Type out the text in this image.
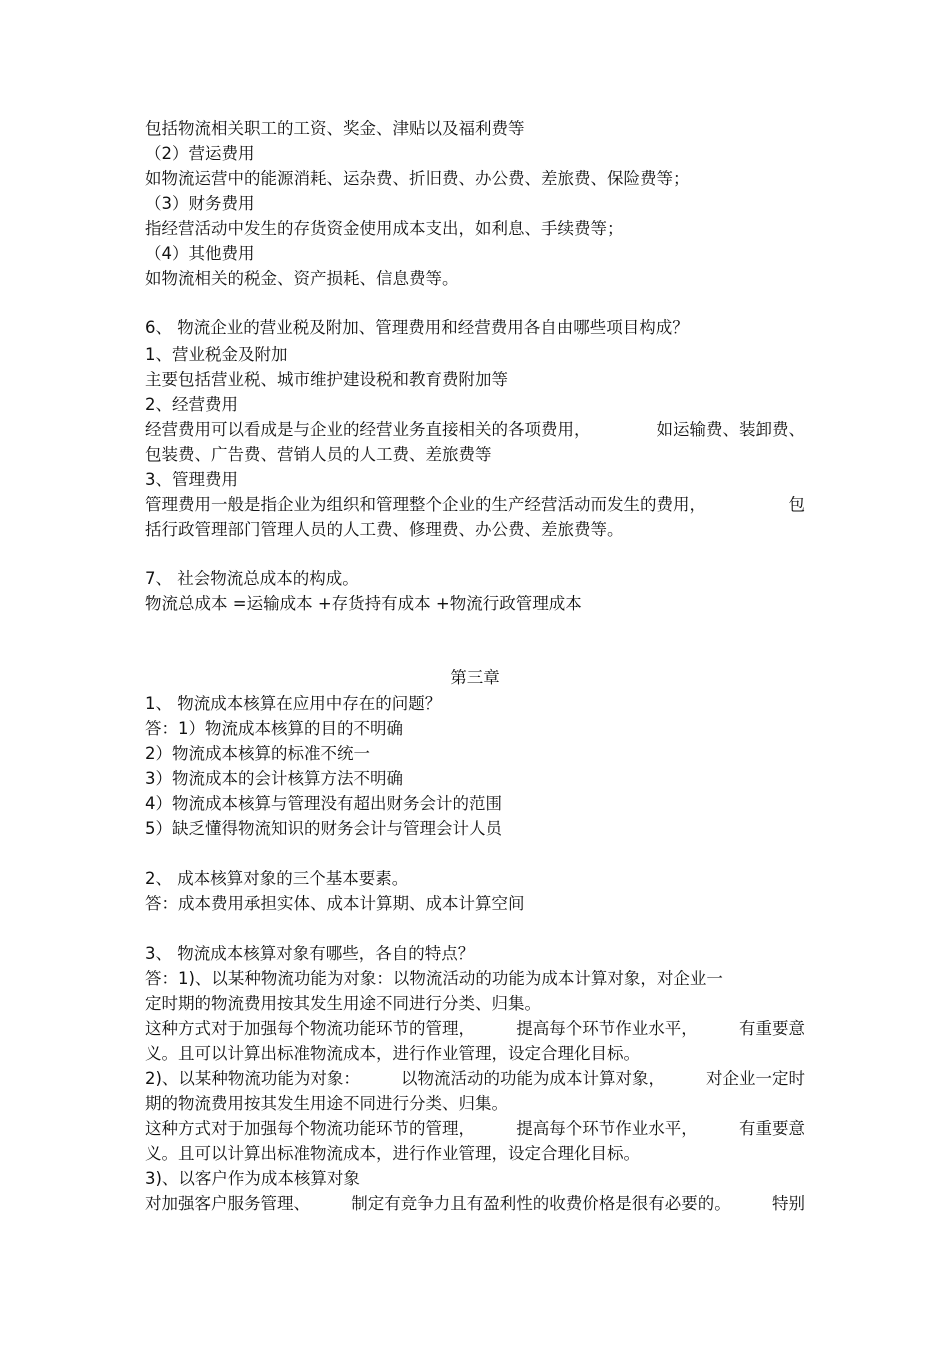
包括物流相关职工的工资、奖金、津贴以及福利费等

（2）营运费用

如物流运营中的能源消耗、运杂费、折旧费、办公费、差旅费、保险费等；

（3）财务费用

指经营活动中发生的存货资金使用成本支出，如利息、手续费等；

（4）其他费用

如物流相关的税金、资产损耗、信息费等。

6、 物流企业的营业税及附加、管理费用和经营费用各自由哪些项目构成？

1、营业税金及附加

主要包括营业税、城市维护建设税和教育费附加等

2、经营费用

经营费用可以看成是与企业的经营业务直接相关的各项费用，	如运输费、装卸费、

包装费、广告费、营销人员的人工费、差旅费等

3、管理费用

管理费用一般是指企业为组织和管理整个企业的生产经营活动而发生的费用，	包

括行政管理部门管理人员的人工费、修理费、办公费、差旅费等。

7、 社会物流总成本的构成。

物流总成本 =运输成本 +存货持有成本 +物流行政管理成本

第三章

1、 物流成本核算在应用中存在的问题？

答：1）物流成本核算的目的不明确

2）物流成本核算的标准不统一

3）物流成本的会计核算方法不明确

4）物流成本核算与管理没有超出财务会计的范围

5）缺乏懂得物流知识的财务会计与管理会计人员

2、 成本核算对象的三个基本要素。

答：成本费用承担实体、成本计算期、成本计算空间

3、 物流成本核算对象有哪些，各自的特点？

答：1)、以某种物流功能为对象：以物流活动的功能为成本计算对象，对企业一

定时期的物流费用按其发生用途不同进行分类、归集。

这种方式对于加强每个物流功能环节的管理，	提高每个环节作业水平，	有重要意

义。且可以计算出标准物流成本，进行作业管理，设定合理化目标。

2)、以某种物流功能为对象： 以物流活动的功能为成本计算对象， 对企业一定时

期的物流费用按其发生用途不同进行分类、归集。

这种方式对于加强每个物流功能环节的管理，	提高每个环节作业水平，	有重要意

义。且可以计算出标准物流成本，进行作业管理，设定合理化目标。

3)、以客户作为成本核算对象

对加强客户服务管理、	制定有竞争力且有盈利性的收费价格是很有必要的。	特别
